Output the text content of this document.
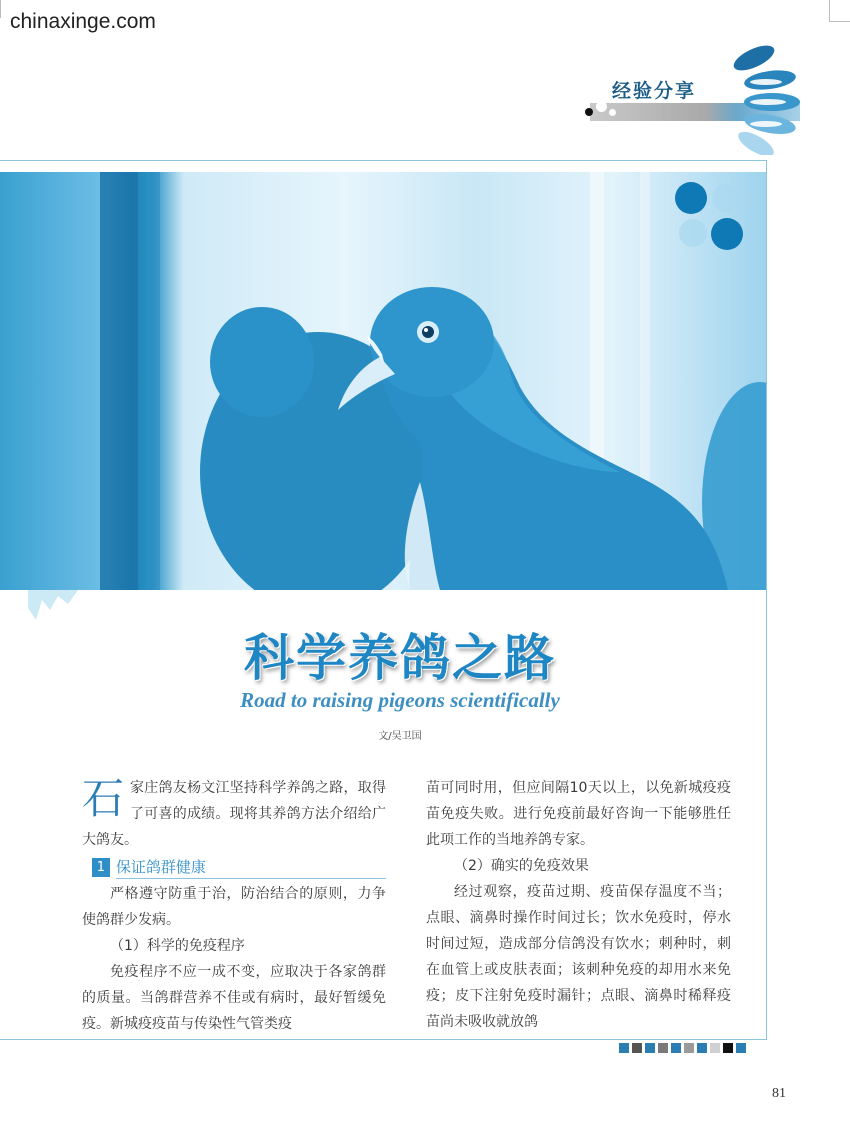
chinaxinge.com
经验分享
科学养鸽之路
Road to raising pigeons scientifically
文/吴卫国

石家庄鸽友杨文江坚持科学养鸽之路，取得了可喜的成绩。现将其养鸽方法介绍给广大鸽友。

1 保证鸽群健康

严格遵守防重于治，防治结合的原则，力争使鸽群少发病。

（1）科学的免疫程序

免疫程序不应一成不变，应取决于各家鸽群的质量。当鸽群营养不佳或有病时，最好暂缓免疫。新城疫疫苗与传染性气管类疫

苗可同时用，但应间隔10天以上，以免新城疫疫苗免疫失败。进行免疫前最好咨询一下能够胜任此项工作的当地养鸽专家。

（2）确实的免疫效果

经过观察，疫苗过期、疫苗保存温度不当；点眼、滴鼻时操作时间过长；饮水免疫时，停水时间过短，造成部分信鸽没有饮水；刺种时，刺在血管上或皮肤表面；该刺种免疫的却用水来免疫；皮下注射免疫时漏针；点眼、滴鼻时稀释疫苗尚未吸收就放鸽

81
